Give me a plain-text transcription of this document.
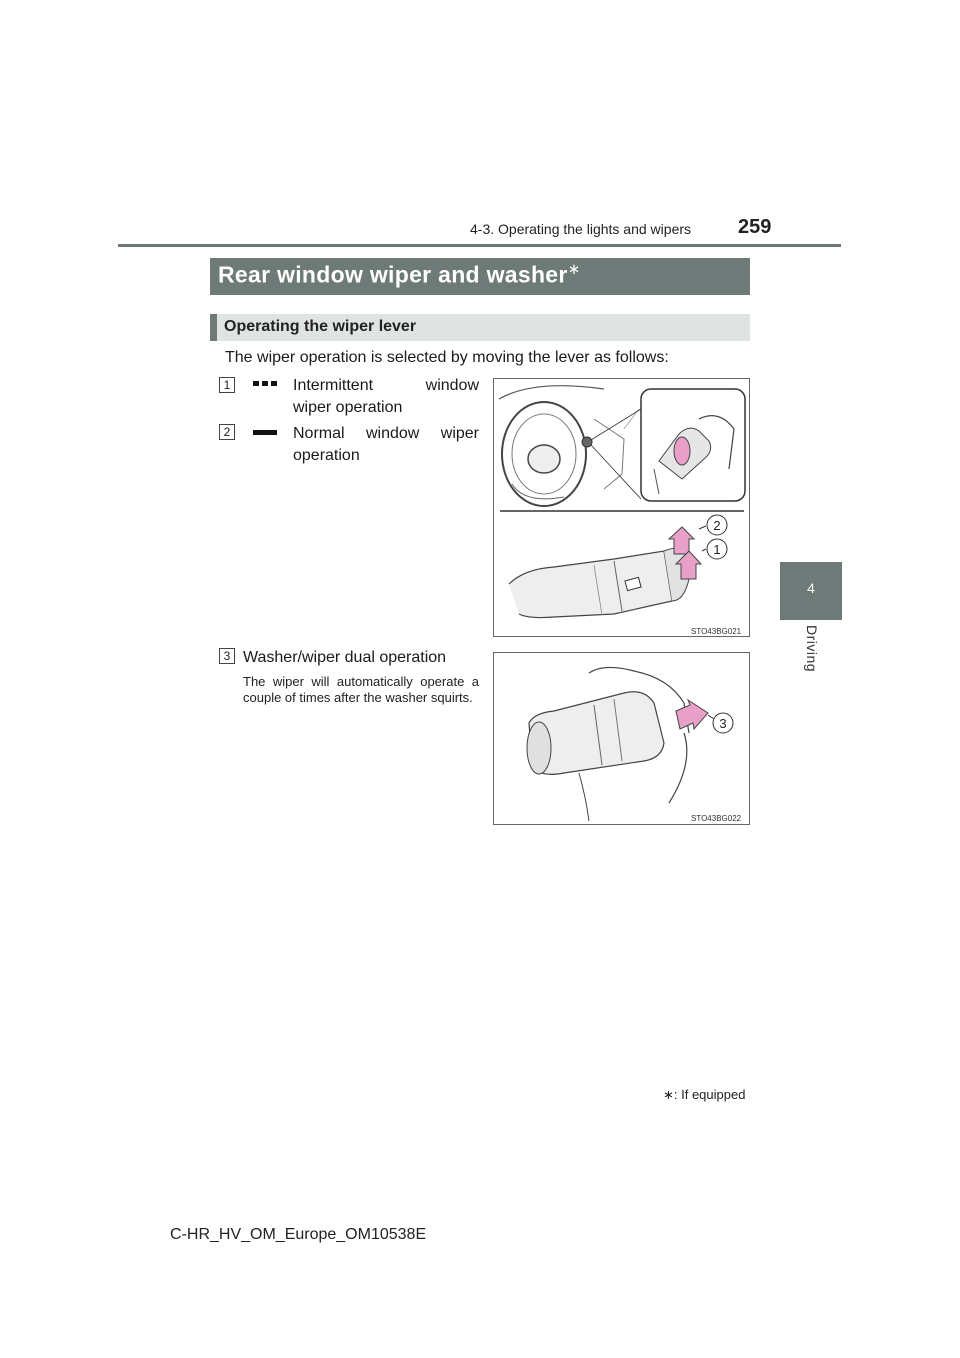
4-3. Operating the lights and wipers 259
4
Driving
Rear window wiper and washer∗
Operating the wiper lever
The wiper operation is selected by moving the lever as follows:
1	Intermittent window
wiper operation
2	Normal window wiper
operation
2
1
STO43BG021
3 Washer/wiper dual operation
The wiper will automatically operate a couple of times after the washer squirts.
3
STO43BG022
∗: If equipped
C-HR_HV_OM_Europe_OM10538E
